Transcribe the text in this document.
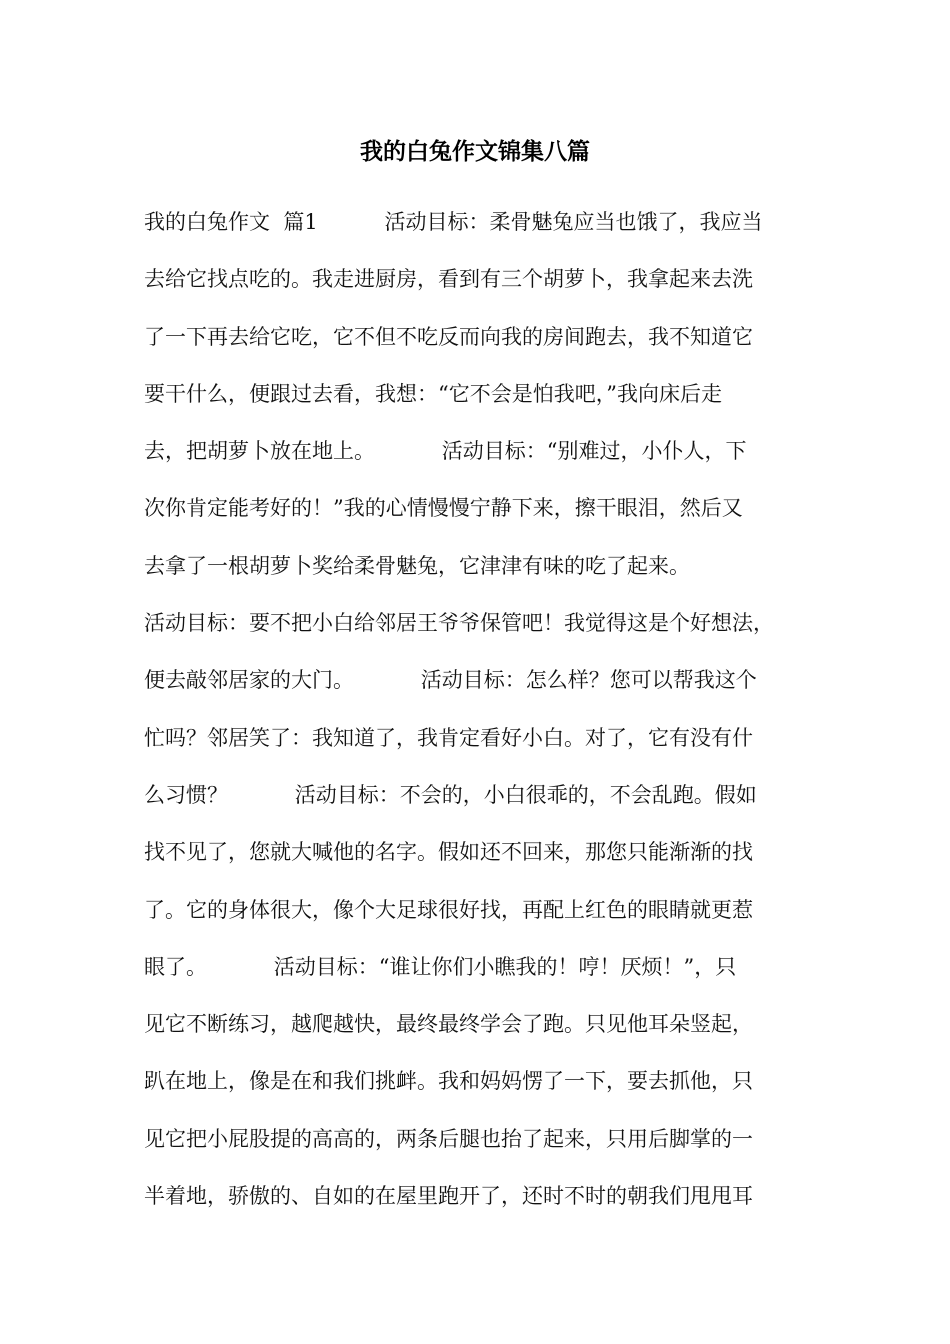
我的白兔作文锦集八篇
我的白兔作文  篇1          活动目标：柔骨魅兔应当也饿了，我应当
去给它找点吃的。我走进厨房，看到有三个胡萝卜，我拿起来去洗
了一下再去给它吃，它不但不吃反而向我的房间跑去，我不知道它
要干什么，便跟过去看，我想：“它不会是怕我吧，”我向床后走
去，把胡萝卜放在地上。          活动目标：“别难过，小仆人，下
次你肯定能考好的！”我的心情慢慢宁静下来，擦干眼泪，然后又
去拿了一根胡萝卜奖给柔骨魅兔，它津津有味的吃了起来。
活动目标：要不把小白给邻居王爷爷保管吧！我觉得这是个好想法，
便去敲邻居家的大门。          活动目标：怎么样？您可以帮我这个
忙吗？邻居笑了：我知道了，我肯定看好小白。对了，它有没有什
么习惯？          活动目标：不会的，小白很乖的，不会乱跑。假如
找不见了，您就大喊他的名字。假如还不回来，那您只能渐渐的找
了。它的身体很大，像个大足球很好找，再配上红色的眼睛就更惹
眼了。          活动目标：“谁让你们小瞧我的！哼！厌烦！”，只
见它不断练习，越爬越快，最终最终学会了跑。只见他耳朵竖起，
趴在地上，像是在和我们挑衅。我和妈妈愣了一下，要去抓他，只
见它把小屁股提的高高的，两条后腿也抬了起来，只用后脚掌的一
半着地，骄傲的、自如的在屋里跑开了，还时不时的朝我们甩甩耳
